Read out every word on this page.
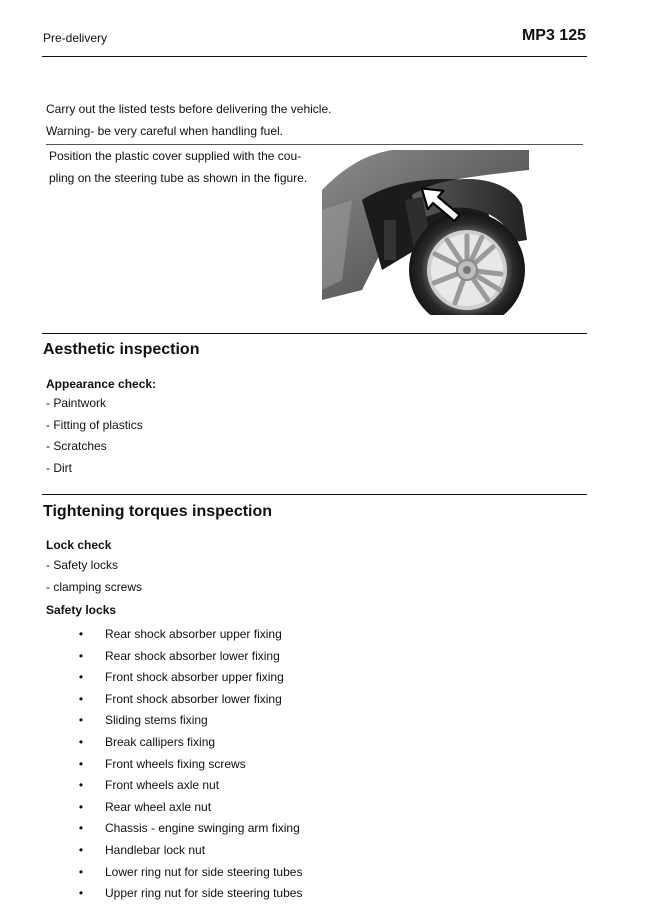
Pre-delivery	MP3 125
Carry out the listed tests before delivering the vehicle.
Warning- be very careful when handling fuel.
Position the plastic cover supplied with the cou-
pling on the steering tube as shown in the figure.
Aesthetic inspection
Appearance check:
- Paintwork
- Fitting of plastics
- Scratches
- Dirt
Tightening torques inspection
Lock check
- Safety locks
- clamping screws
Safety locks
• Rear shock absorber upper fixing
• Rear shock absorber lower fixing
• Front shock absorber upper fixing
• Front shock absorber lower fixing
• Sliding stems fixing
• Break callipers fixing
• Front wheels fixing screws
• Front wheels axle nut
• Rear wheel axle nut
• Chassis - engine swinging arm fixing
• Handlebar lock nut
• Lower ring nut for side steering tubes
• Upper ring nut for side steering tubes
